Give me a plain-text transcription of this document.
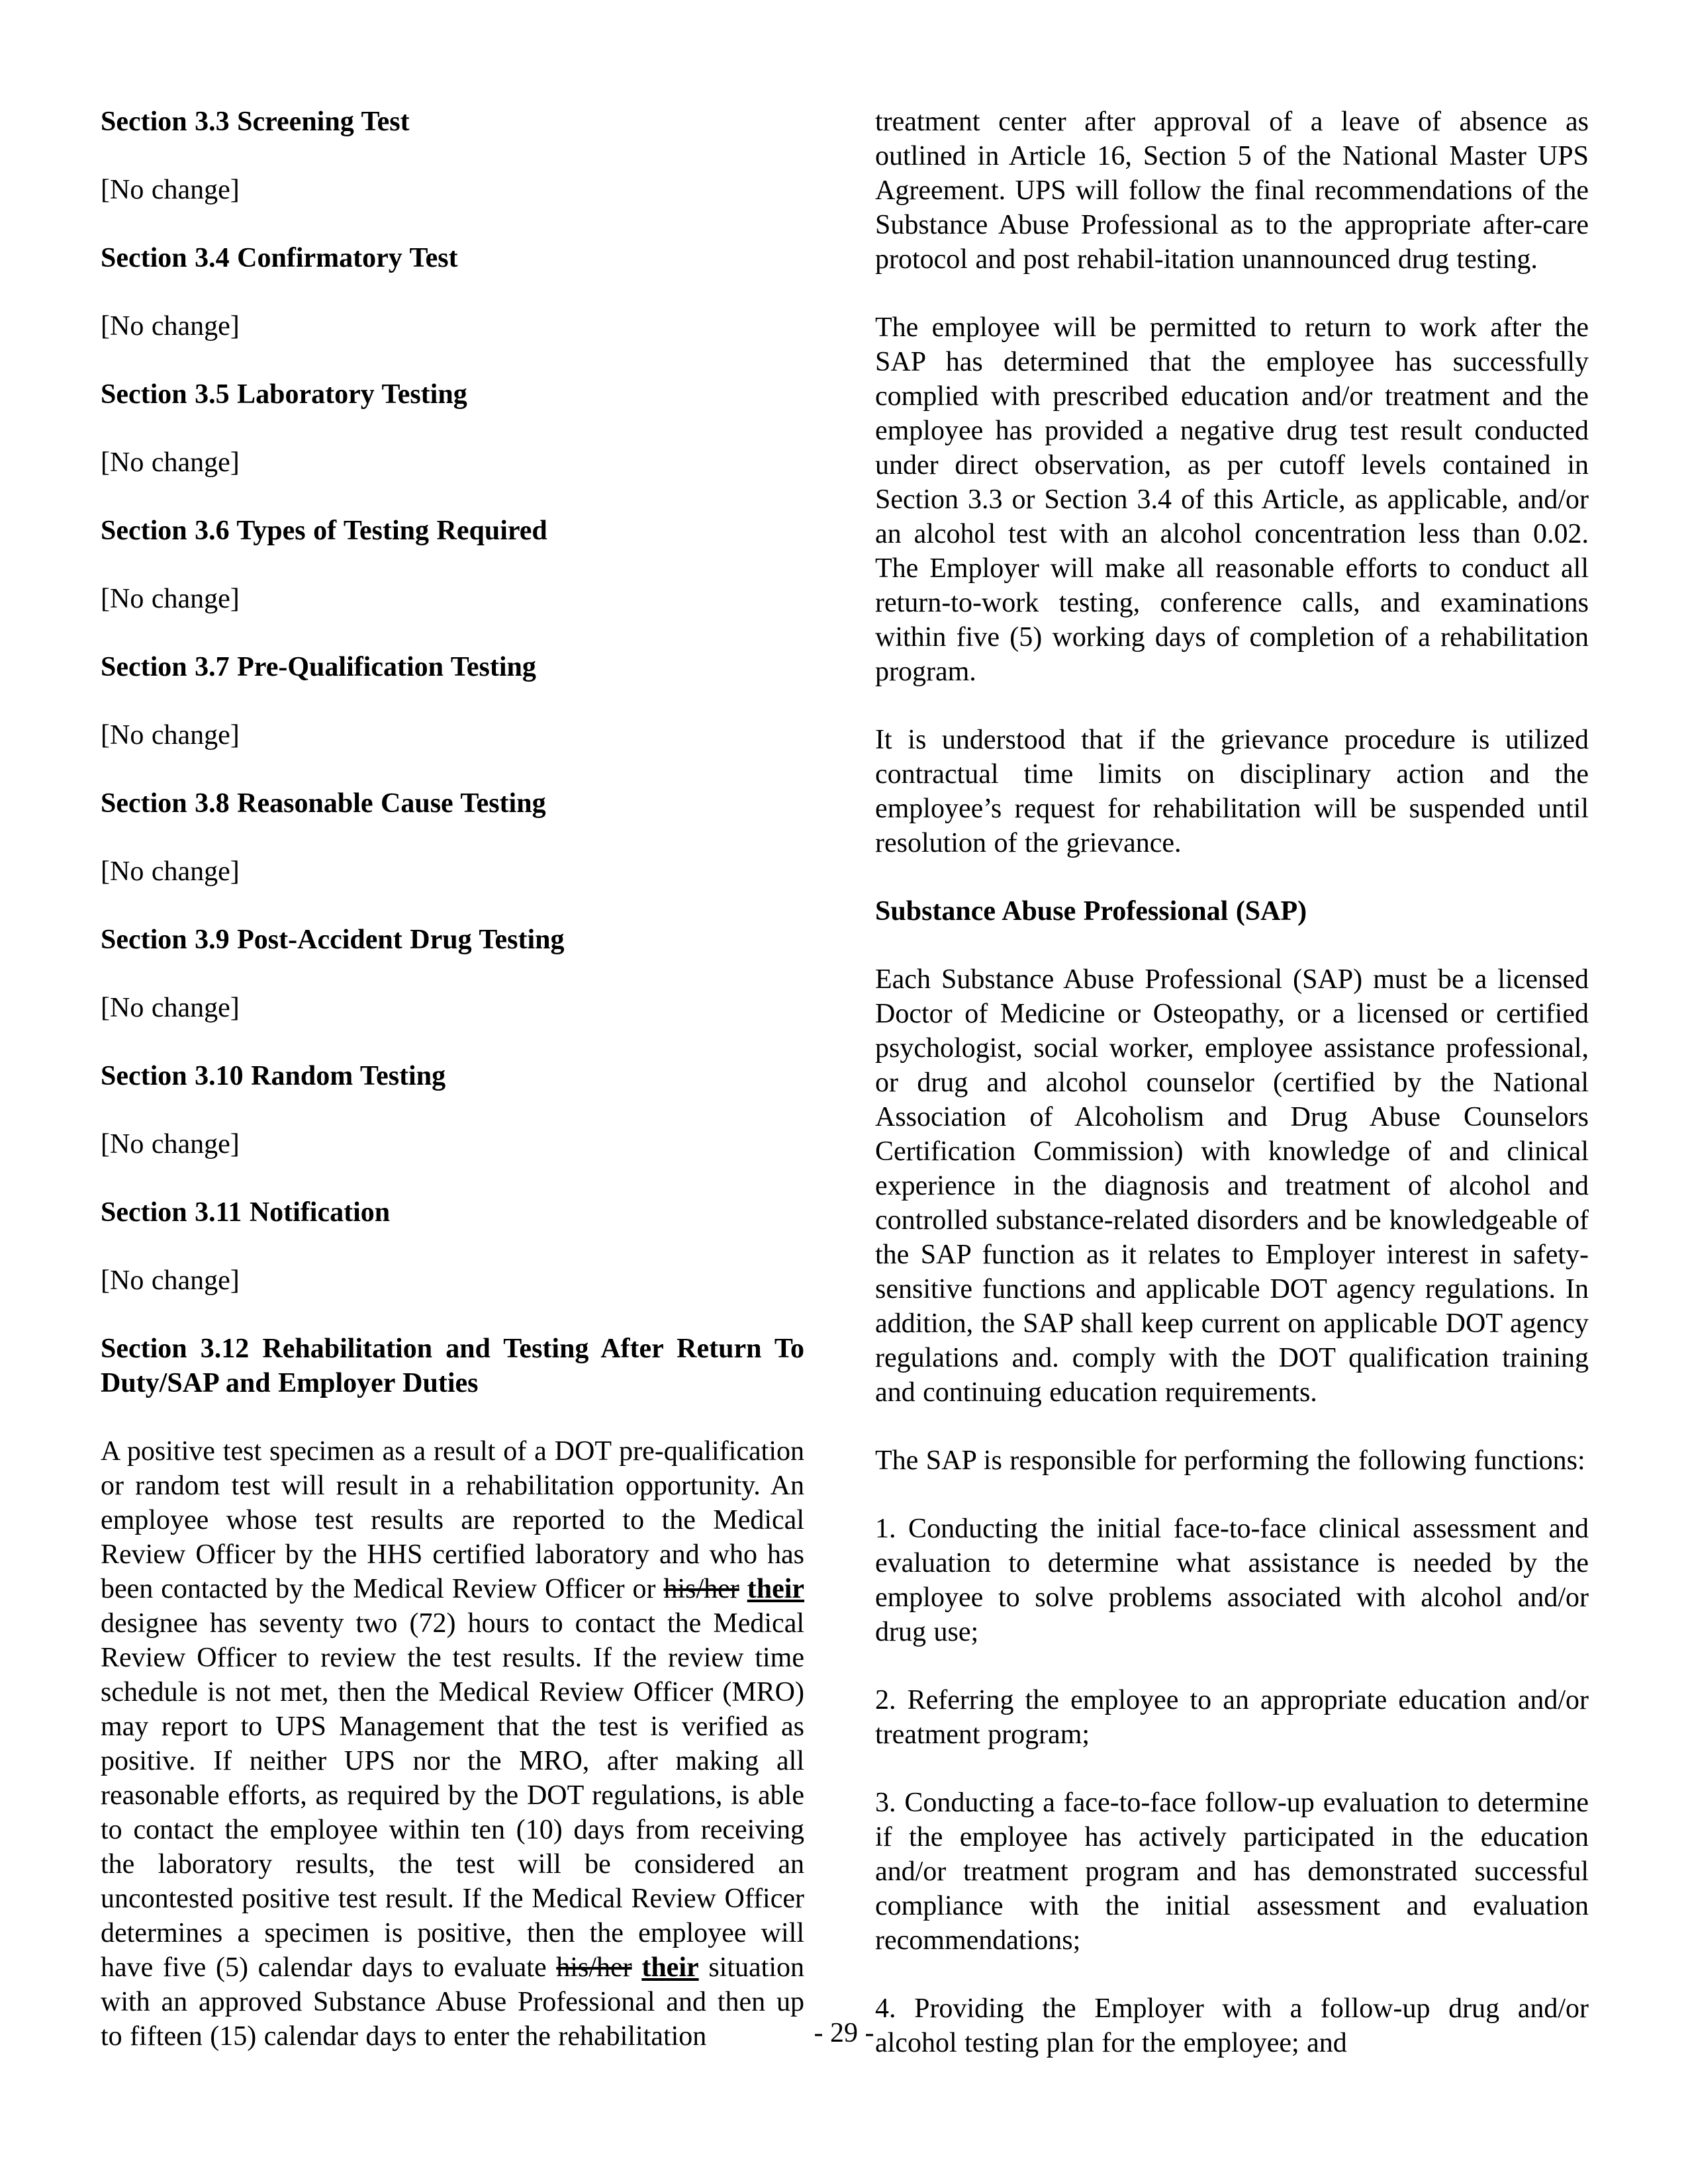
Section 3.3 Screening Test

[No change]

Section 3.4 Confirmatory Test

[No change]

Section 3.5 Laboratory Testing

[No change]

Section 3.6 Types of Testing Required

[No change]

Section 3.7 Pre-Qualification Testing

[No change]

Section 3.8 Reasonable Cause Testing

[No change]

Section 3.9 Post-Accident Drug Testing

[No change]

Section 3.10 Random Testing

[No change]

Section 3.11 Notification

[No change]

Section 3.12 Rehabilitation and Testing After Return To Duty/SAP and Employer Duties

A positive test specimen as a result of a DOT pre-qualification or random test will result in a rehabilitation opportunity. An employee whose test results are reported to the Medical Review Officer by the HHS certified laboratory and who has been contacted by the Medical Review Officer or his/her their designee has seventy two (72) hours to contact the Medical Review Officer to review the test results. If the review time schedule is not met, then the Medical Review Officer (MRO) may report to UPS Management that the test is verified as positive. If neither UPS nor the MRO, after making all reasonable efforts, as required by the DOT regulations, is able to contact the employee within ten (10) days from receiving the laboratory results, the test will be considered an uncontested positive test result. If the Medical Review Officer determines a specimen is positive, then the employee will have five (5) calendar days to evaluate his/her their situation with an approved Substance Abuse Professional and then up to fifteen (15) calendar days to enter the rehabilitation

treatment center after approval of a leave of absence as outlined in Article 16, Section 5 of the National Master UPS Agreement. UPS will follow the final recommendations of the Substance Abuse Professional as to the appropriate after-care protocol and post rehabil-itation unannounced drug testing.

The employee will be permitted to return to work after the SAP has determined that the employee has successfully complied with prescribed education and/or treatment and the employee has provided a negative drug test result conducted under direct observation, as per cutoff levels contained in Section 3.3 or Section 3.4 of this Article, as applicable, and/or an alcohol test with an alcohol concentration less than 0.02. The Employer will make all reasonable efforts to conduct all return-to-work testing, conference calls, and examinations within five (5) working days of completion of a rehabilitation program.

It is understood that if the grievance procedure is utilized contractual time limits on disciplinary action and the employee’s request for rehabilitation will be suspended until resolution of the grievance.

Substance Abuse Professional (SAP)

Each Substance Abuse Professional (SAP) must be a licensed Doctor of Medicine or Osteopathy, or a licensed or certified psychologist, social worker, employee assistance professional, or drug and alcohol counselor (certified by the National Association of Alcoholism and Drug Abuse Counselors Certification Commission) with knowledge of and clinical experience in the diagnosis and treatment of alcohol and controlled substance-related disorders and be knowledgeable of the SAP function as it relates to Employer interest in safety-sensitive functions and applicable DOT agency regulations. In addition, the SAP shall keep current on applicable DOT agency regulations and. comply with the DOT qualification training and continuing education requirements.

The SAP is responsible for performing the following functions:

1. Conducting the initial face-to-face clinical assessment and evaluation to determine what assistance is needed by the employee to solve problems associated with alcohol and/or drug use;

2. Referring the employee to an appropriate education and/or treatment program;

3. Conducting a face-to-face follow-up evaluation to determine if the employee has actively participated in the education and/or treatment program and has demonstrated successful compliance with the initial assessment and evaluation recommendations;

4. Providing the Employer with a follow-up drug and/or alcohol testing plan for the employee; and

- 29 -
